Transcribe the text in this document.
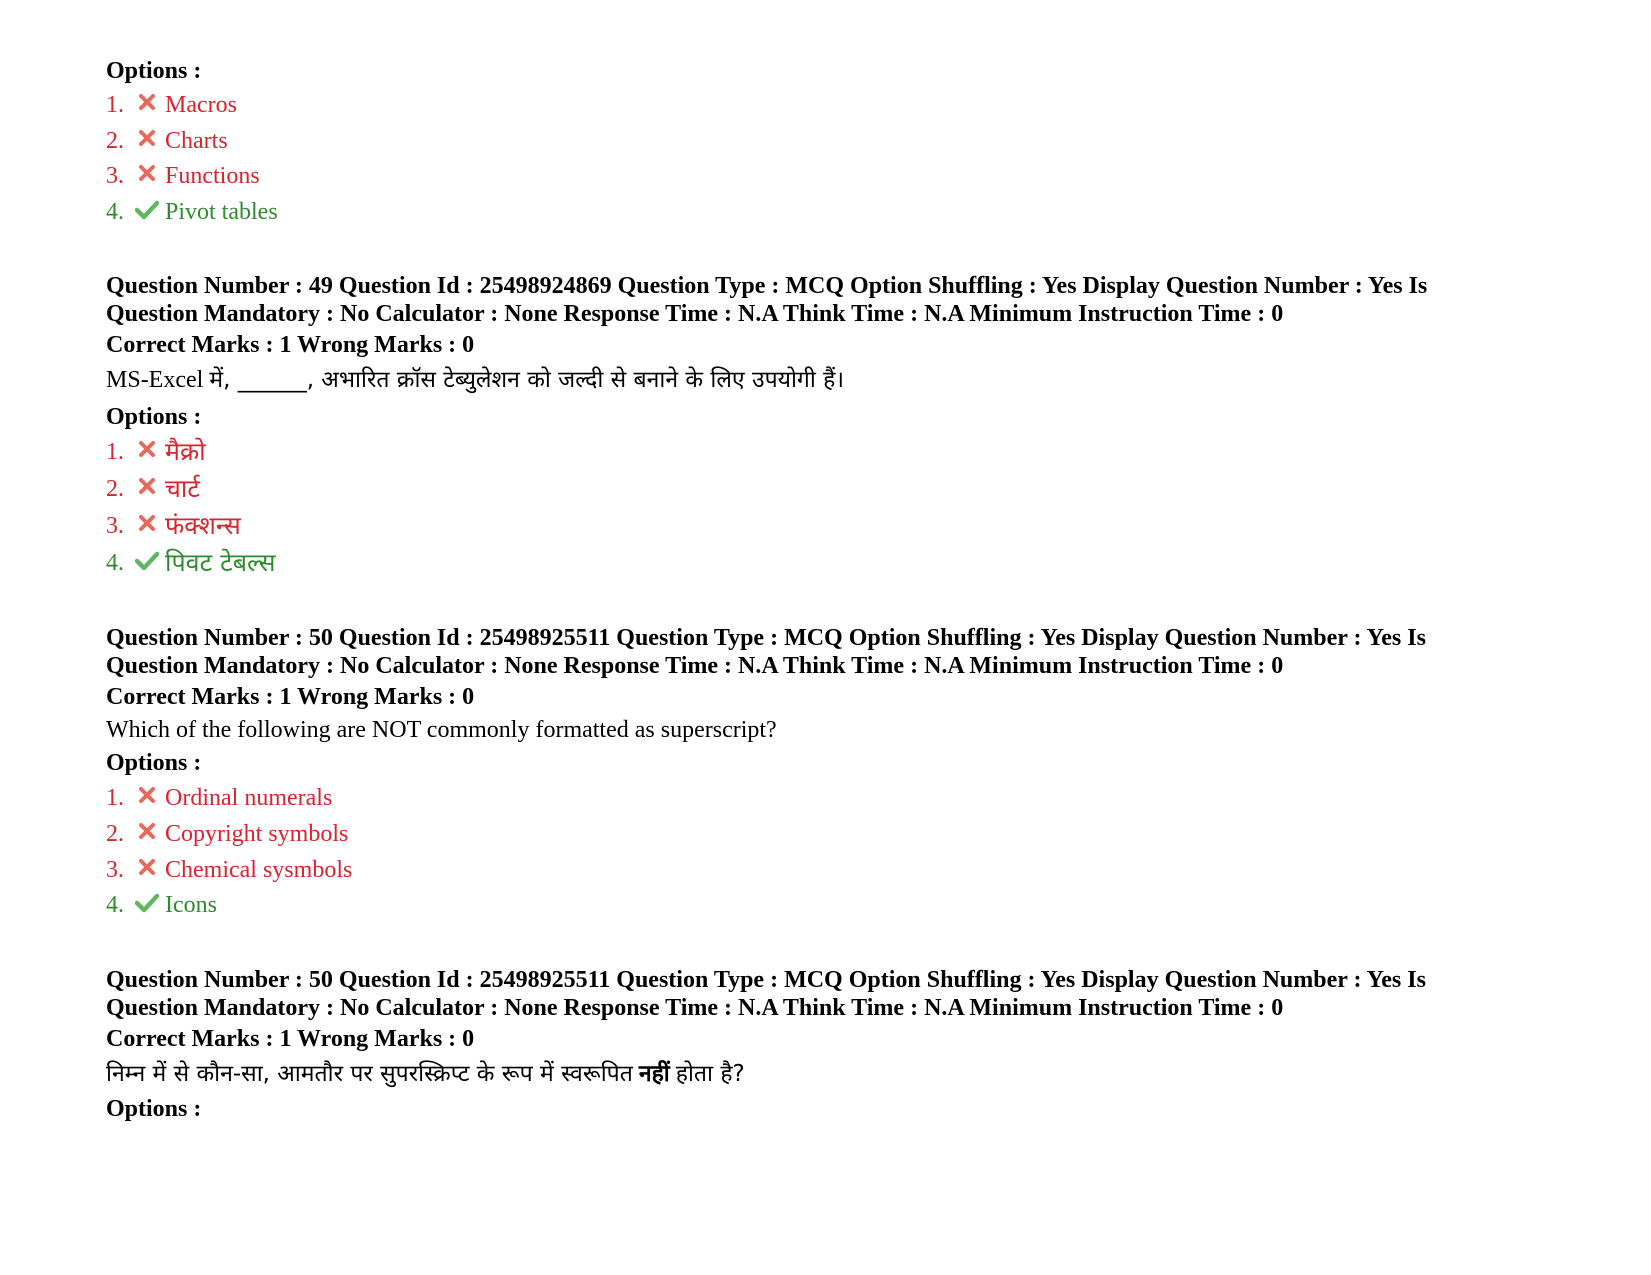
Options :
1.	Macros
2.	Charts
3.	Functions
4.	Pivot tables
Question Number : 49 Question Id : 25498924869 Question Type : MCQ Option Shuffling : Yes Display Question Number : Yes Is
Question Mandatory : No Calculator : None Response Time : N.A Think Time : N.A Minimum Instruction Time : 0
Correct Marks : 1 Wrong Marks : 0
MS-Excel में, ______, अभारित क्रॉस टेब्युलेशन को जल्दी से बनाने के लिए उपयोगी हैं।
Options :
1.	मैक्रो
2.	चार्ट
3.	फंक्शन्स
4.	पिवट टेबल्स
Question Number : 50 Question Id : 25498925511 Question Type : MCQ Option Shuffling : Yes Display Question Number : Yes Is
Question Mandatory : No Calculator : None Response Time : N.A Think Time : N.A Minimum Instruction Time : 0
Correct Marks : 1 Wrong Marks : 0
Which of the following are NOT commonly formatted as superscript?
Options :
1.	Ordinal numerals
2.	Copyright symbols
3.	Chemical sysmbols
4.	Icons
Question Number : 50 Question Id : 25498925511 Question Type : MCQ Option Shuffling : Yes Display Question Number : Yes Is
Question Mandatory : No Calculator : None Response Time : N.A Think Time : N.A Minimum Instruction Time : 0
Correct Marks : 1 Wrong Marks : 0
निम्न में से कौन-सा, आमतौर पर सुपरस्क्रिप्ट के रूप में स्वरूपित नहीं होता है?
Options :
